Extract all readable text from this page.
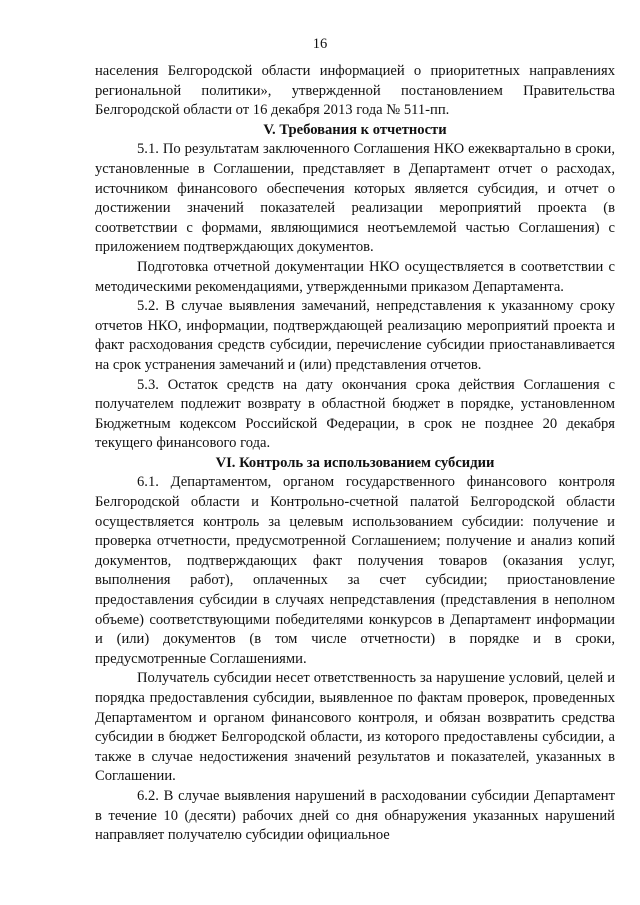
16

населения Белгородской области информацией о приоритетных направлениях региональной политики», утвержденной постановлением Правительства Белгородской области от 16 декабря 2013 года № 511-пп.

V. Требования к отчетности

5.1. По результатам заключенного Соглашения НКО ежеквартально в сроки, установленные в Соглашении, представляет в Департамент отчет о расходах, источником финансового обеспечения которых является субсидия, и отчет о достижении значений показателей реализации мероприятий проекта (в соответствии с формами, являющимися неотъемлемой частью Соглашения) с приложением подтверждающих документов.

Подготовка отчетной документации НКО осуществляется в соответствии с методическими рекомендациями, утвержденными приказом Департамента.

5.2. В случае выявления замечаний, непредставления к указанному сроку отчетов НКО, информации, подтверждающей реализацию мероприятий проекта и факт расходования средств субсидии, перечисление субсидии приостанавливается на срок устранения замечаний и (или) представления отчетов.

5.3. Остаток средств на дату окончания срока действия Соглашения с получателем подлежит возврату в областной бюджет в порядке, установленном Бюджетным кодексом Российской Федерации, в срок не позднее 20 декабря текущего финансового года.

VI. Контроль за использованием субсидии

6.1. Департаментом, органом государственного финансового контроля Белгородской области и Контрольно-счетной палатой Белгородской области осуществляется контроль за целевым использованием субсидии: получение и проверка отчетности, предусмотренной Соглашением; получение и анализ копий документов, подтверждающих факт получения товаров (оказания услуг, выполнения работ), оплаченных за счет субсидии; приостановление предоставления субсидии в случаях непредставления (представления в неполном объеме) соответствующими победителями конкурсов в Департамент информации и (или) документов (в том числе отчетности) в порядке и в сроки, предусмотренные Соглашениями.

Получатель субсидии несет ответственность за нарушение условий, целей и порядка предоставления субсидии, выявленное по фактам проверок, проведенных Департаментом и органом финансового контроля, и обязан возвратить средства субсидии в бюджет Белгородской области, из которого предоставлены субсидии, а также в случае недостижения значений результатов и показателей, указанных в Соглашении.

6.2. В случае выявления нарушений в расходовании субсидии Департамент в течение 10 (десяти) рабочих дней со дня обнаружения указанных нарушений направляет получателю субсидии официальное
